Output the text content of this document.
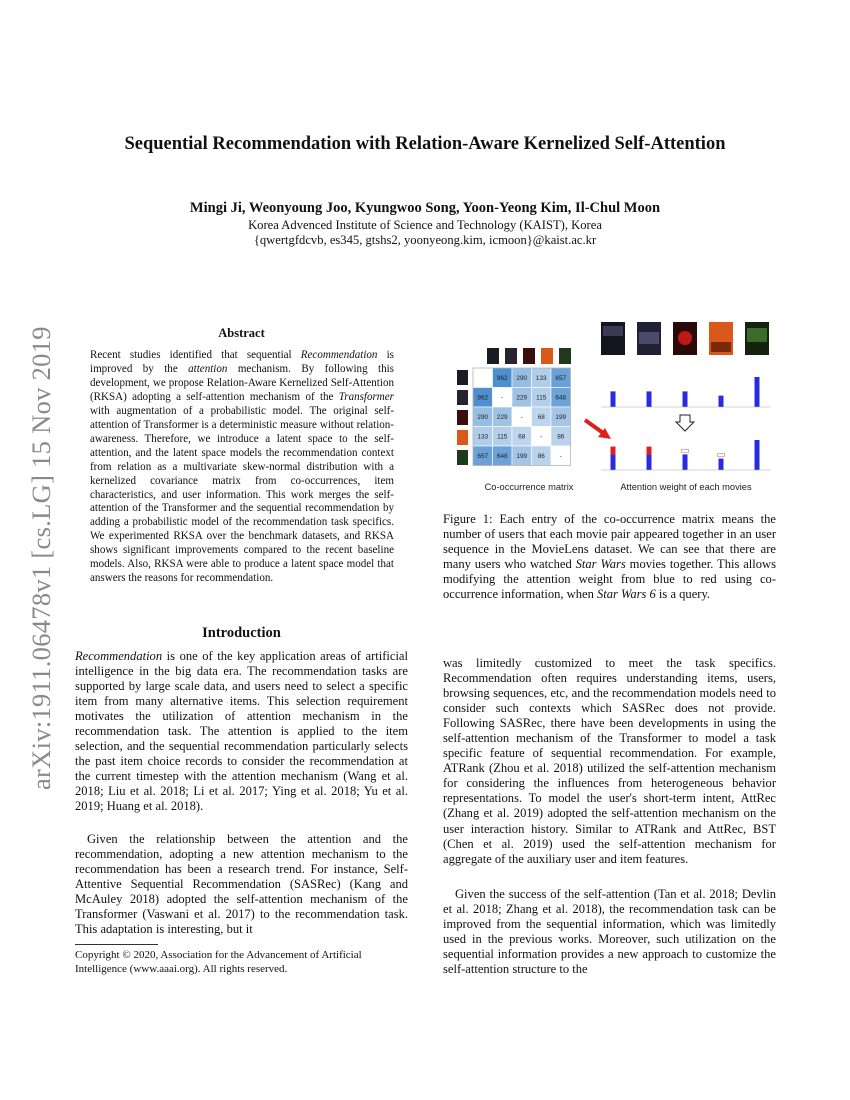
arXiv:1911.06478v1 [cs.LG] 15 Nov 2019
Sequential Recommendation with Relation-Aware Kernelized Self-Attention
Mingi Ji, Weonyoung Joo, Kyungwoo Song, Yoon-Yeong Kim, Il-Chul Moon
Korea Advenced Institute of Science and Technology (KAIST), Korea
{qwertgfdcvb, es345, gtshs2, yoonyeong.kim, icmoon}@kaist.ac.kr
Abstract
Recent studies identified that sequential Recommendation is improved by the attention mechanism. By following this development, we propose Relation-Aware Kernelized Self-Attention (RKSA) adopting a self-attention mechanism of the Transformer with augmentation of a probabilistic model. The original self-attention of Transformer is a deterministic measure without relation-awareness. Therefore, we introduce a latent space to the self-attention, and the latent space models the recommendation context from relation as a multivariate skew-normal distribution with a kernelized covariance matrix from co-occurrences, item characteristics, and user information. This work merges the self-attention of the Transformer and the sequential recommendation by adding a probabilistic model of the recommendation task specifics. We experimented RKSA over the benchmark datasets, and RKSA shows significant improvements compared to the recent baseline models. Also, RKSA were able to produce a latent space model that answers the reasons for recommendation.
Introduction
Recommendation is one of the key application areas of artificial intelligence in the big data era. The recommendation tasks are supported by large scale data, and users need to select a specific item from many alternative items. This selection requirement motivates the utilization of attention mechanism in the recommendation task. The attention is applied to the item selection, and the sequential recommendation particularly selects the past item choice records to consider the recommendation at the current timestep with the attention mechanism (Wang et al. 2018; Liu et al. 2018; Li et al. 2017; Ying et al. 2018; Yu et al. 2019; Huang et al. 2018).
Given the relationship between the attention and the recommendation, adopting a new attention mechanism to the recommendation has been a research trend. For instance, Self-Attentive Sequential Recommendation (SASRec) (Kang and McAuley 2018) adopted the self-attention mechanism of the Transformer (Vaswani et al. 2017) to the recommendation task. This adaptation is interesting, but it
Copyright © 2020, Association for the Advancement of Artificial Intelligence (www.aaai.org). All rights reserved.
was limitedly customized to meet the task specifics. Recommendation often requires understanding items, users, browsing sequences, etc, and the recommendation models need to consider such contexts which SASRec does not provide. Following SASRec, there have been developments in using the self-attention mechanism of the Transformer to model a task specific feature of sequential recommendation. For example, ATRank (Zhou et al. 2018) utilized the self-attention mechanism for considering the influences from heterogeneous behavior representations. To model the user's short-term intent, AttRec (Zhang et al. 2019) adopted the self-attention mechanism on the user interaction history. Similar to ATRank and AttRec, BST (Chen et al. 2019) used the self-attention mechanism for aggregate of the auxiliary user and item features.
Given the success of the self-attention (Tan et al. 2018; Devlin et al. 2018; Zhang et al. 2018), the recommendation task can be improved from the sequential information, which was limitedly used in the previous works. Moreover, such utilization on the sequential information provides a new approach to customize the self-attention structure to the
962 290 133 657
962 - 229 115 648
290 229 - 68 199
133 115 68 - 86
657 648 199 86 -
Co-occurrence matrix	Attention weight of each movies
Figure 1: Each entry of the co-occurrence matrix means the number of users that each movie pair appeared together in an user sequence in the MovieLens dataset. We can see that there are many users who watched Star Wars movies together. This allows modifying the attention weight from blue to red using co-occurrence information, when Star Wars 6 is a query.
